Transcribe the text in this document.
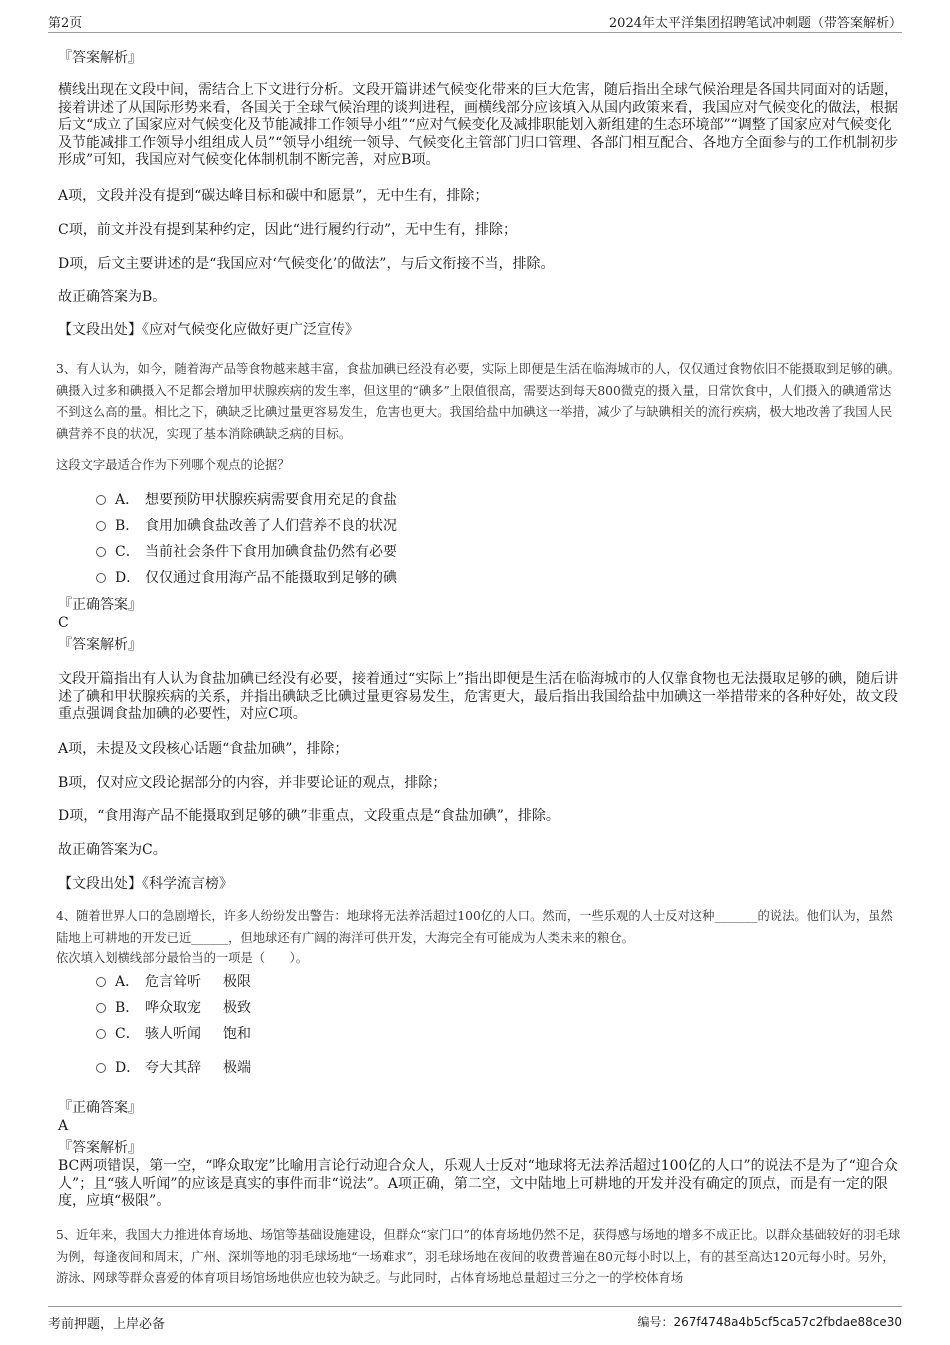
第2页	2024年太平洋集团招聘笔试冲刺题（带答案解析）
『答案解析』
横线出现在文段中间，需结合上下文进行分析。文段开篇讲述气候变化带来的巨大危害，随后指出全球气候治理是各国共同面对的话题，接着讲述了从国际形势来看，各国关于全球气候治理的谈判进程，画横线部分应该填入从国内政策来看，我国应对气候变化的做法，根据后文“成立了国家应对气候变化及节能减排工作领导小组”“应对气候变化及减排职能划入新组建的生态环境部”“调整了国家应对气候变化及节能减排工作领导小组组成人员”“领导小组统一领导、气候变化主管部门归口管理、各部门相互配合、各地方全面参与的工作机制初步形成”可知，我国应对气候变化体制机制不断完善，对应B项。
A项，文段并没有提到“碳达峰目标和碳中和愿景”，无中生有，排除；
C项，前文并没有提到某种约定，因此“进行履约行动”，无中生有，排除；
D项，后文主要讲述的是“我国应对‘气候变化’的做法”，与后文衔接不当，排除。
故正确答案为B。
【文段出处】《应对气候变化应做好更广泛宣传》
3、有人认为，如今，随着海产品等食物越来越丰富，食盐加碘已经没有必要，实际上即便是生活在临海城市的人，仅仅通过食物依旧不能摄取到足够的碘。碘摄入过多和碘摄入不足都会增加甲状腺疾病的发生率，但这里的“碘多”上限值很高，需要达到每天800微克的摄入量，日常饮食中，人们摄入的碘通常达不到这么高的量。相比之下，碘缺乏比碘过量更容易发生，危害也更大。我国给盐中加碘这一举措，减少了与缺碘相关的流行疾病，极大地改善了我国人民碘营养不良的状况，实现了基本消除碘缺乏病的目标。
这段文字最适合作为下列哪个观点的论据？
A． 想要预防甲状腺疾病需要食用充足的食盐
B． 食用加碘食盐改善了人们营养不良的状况
C． 当前社会条件下食用加碘食盐仍然有必要
D． 仅仅通过食用海产品不能摄取到足够的碘
『正确答案』
C
『答案解析』
文段开篇指出有人认为食盐加碘已经没有必要，接着通过“实际上”指出即便是生活在临海城市的人仅靠食物也无法摄取足够的碘，随后讲述了碘和甲状腺疾病的关系，并指出碘缺乏比碘过量更容易发生，危害更大，最后指出我国给盐中加碘这一举措带来的各种好处，故文段重点强调食盐加碘的必要性，对应C项。
A项，未提及文段核心话题“食盐加碘”，排除；
B项，仅对应文段论据部分的内容，并非要论证的观点，排除；
D项，“食用海产品不能摄取到足够的碘”非重点，文段重点是“食盐加碘”，排除。
故正确答案为C。
【文段出处】《科学流言榜》
4、随着世界人口的急剧增长，许多人纷纷发出警告：地球将无法养活超过100亿的人口。然而，一些乐观的人士反对这种_______的说法。他们认为，虽然陆地上可耕地的开发已近______，但地球还有广阔的海洋可供开发，大海完全有可能成为人类未来的粮仓。
依次填入划横线部分最恰当的一项是（　　）。
A． 危言耸听 极限
B． 哗众取宠 极致
C． 骇人听闻 饱和
D． 夸大其辞 极端
『正确答案』
A
『答案解析』
BC两项错误，第一空，“哗众取宠”比喻用言论行动迎合众人，乐观人士反对“地球将无法养活超过100亿的人口”的说法不是为了“迎合众人”；且“骇人听闻”的应该是真实的事件而非“说法”。A项正确，第二空，文中陆地上可耕地的开发并没有确定的顶点，而是有一定的限度，应填“极限”。
5、近年来，我国大力推进体育场地、场馆等基础设施建设，但群众“家门口”的体育场地仍然不足，获得感与场地的增多不成正比。以群众基础较好的羽毛球为例，每逢夜间和周末，广州、深圳等地的羽毛球场地“一场难求”，羽毛球场地在夜间的收费普遍在80元每小时以上，有的甚至高达120元每小时。另外，游泳、网球等群众喜爱的体育项目场馆场地供应也较为缺乏。与此同时，占体育场地总量超过三分之一的学校体育场
考前押题，上岸必备	编号：267f4748a4b5cf5ca57c2fbdae88ce30
